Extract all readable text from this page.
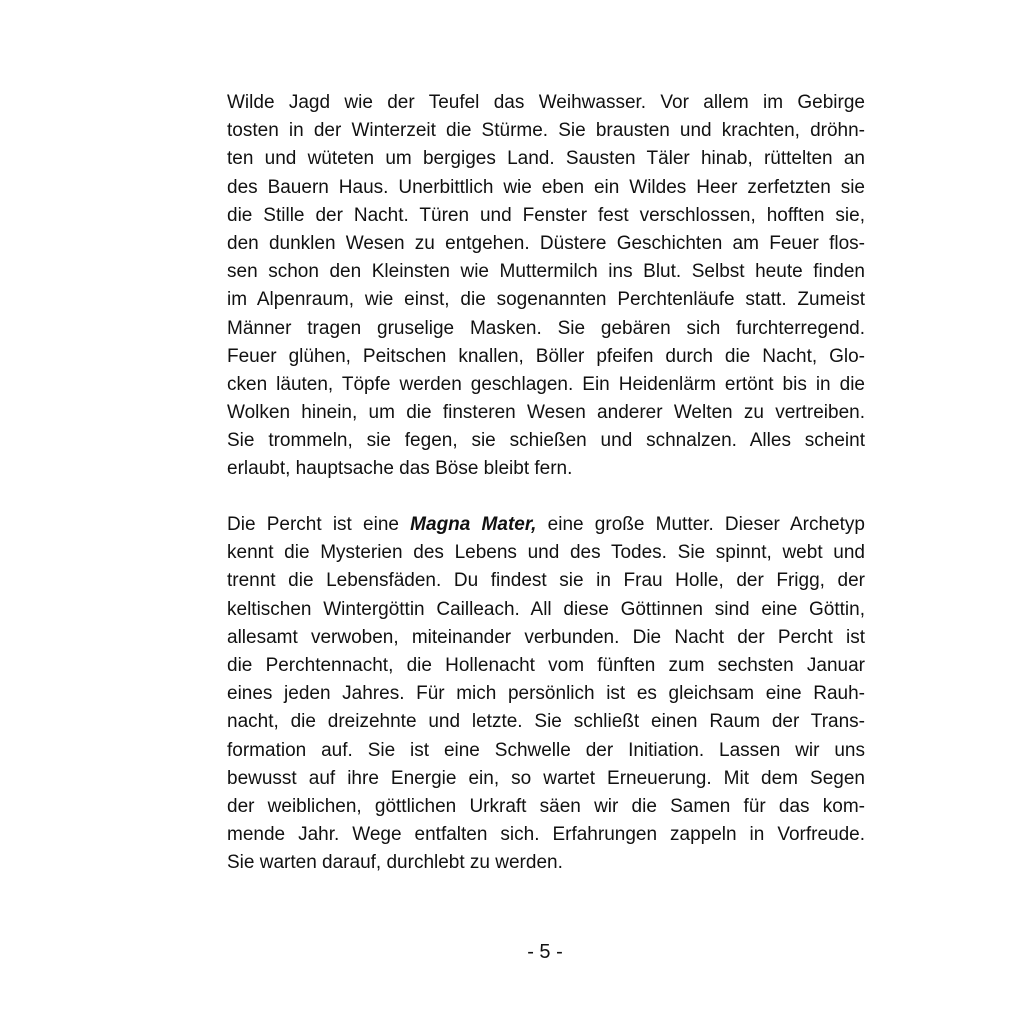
Wilde Jagd wie der Teufel das Weihwasser. Vor allem im Gebirge
tosten in der Winterzeit die Stürme. Sie brausten und krachten, dröhn-
ten und wüteten um bergiges Land. Sausten Täler hinab, rüttelten an
des Bauern Haus. Unerbittlich wie eben ein Wildes Heer zerfetzten sie
die Stille der Nacht. Türen und Fenster fest verschlossen, hofften sie,
den dunklen Wesen zu entgehen. Düstere Geschichten am Feuer flos-
sen schon den Kleinsten wie Muttermilch ins Blut. Selbst heute finden
im Alpenraum, wie einst, die sogenannten Perchtenläufe statt. Zumeist
Männer tragen gruselige Masken. Sie gebären sich furchterregend.
Feuer glühen, Peitschen knallen, Böller pfeifen durch die Nacht, Glo-
cken läuten, Töpfe werden geschlagen. Ein Heidenlärm ertönt bis in die
Wolken hinein, um die finsteren Wesen anderer Welten zu vertreiben.
Sie trommeln, sie fegen, sie schießen und schnalzen. Alles scheint
erlaubt, hauptsache das Böse bleibt fern.
Die Percht ist eine Magna Mater, eine große Mutter. Dieser Archetyp
kennt die Mysterien des Lebens und des Todes. Sie spinnt, webt und
trennt die Lebensfäden. Du findest sie in Frau Holle, der Frigg, der
keltischen Wintergöttin Cailleach. All diese Göttinnen sind eine Göttin,
allesamt verwoben, miteinander verbunden. Die Nacht der Percht ist
die Perchtennacht, die Hollenacht vom fünften zum sechsten Januar
eines jeden Jahres. Für mich persönlich ist es gleichsam eine Rauh-
nacht, die dreizehnte und letzte. Sie schließt einen Raum der Trans-
formation auf. Sie ist eine Schwelle der Initiation. Lassen wir uns
bewusst auf ihre Energie ein, so wartet Erneuerung. Mit dem Segen
der weiblichen, göttlichen Urkraft säen wir die Samen für das kom-
mende Jahr. Wege entfalten sich. Erfahrungen zappeln in Vorfreude.
Sie warten darauf, durchlebt zu werden.
- 5 -
